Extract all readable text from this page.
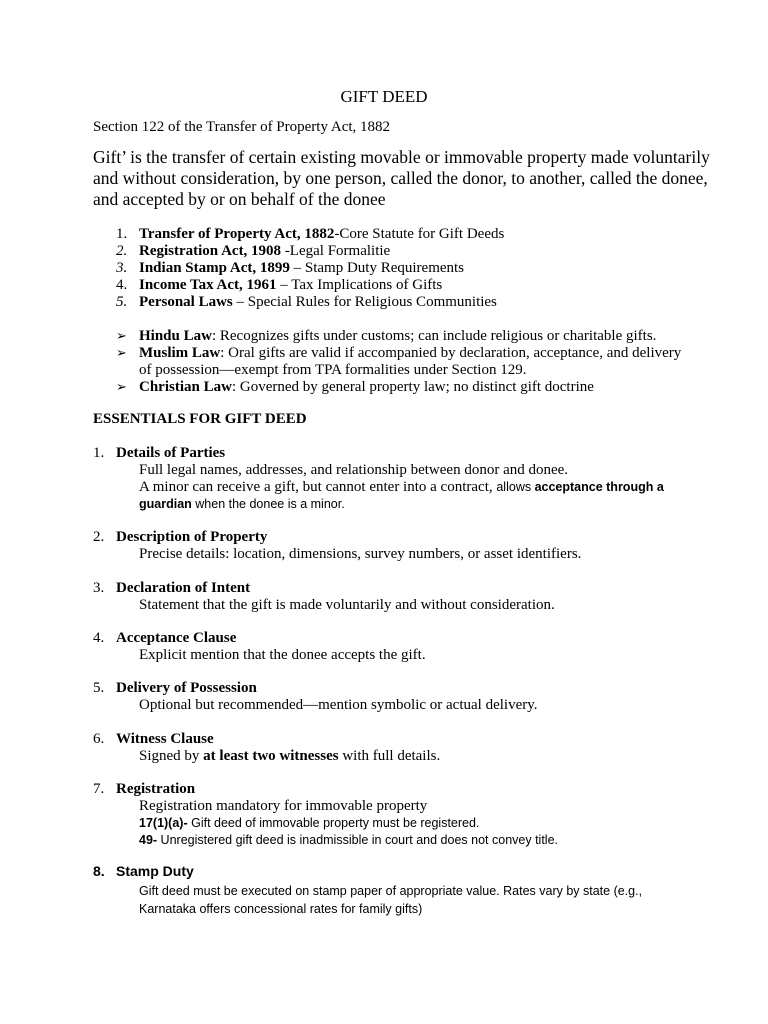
GIFT DEED
Section 122 of the Transfer of Property Act, 1882
Gift’ is the transfer of certain existing movable or immovable property made voluntarily and without consideration, by one person, called the donor, to another, called the donee, and accepted by or on behalf of the donee
1. Transfer of Property Act, 1882-Core Statute for Gift Deeds
2. Registration Act, 1908 -Legal Formalitie
3. Indian Stamp Act, 1899 – Stamp Duty Requirements
4. Income Tax Act, 1961 – Tax Implications of Gifts
5. Personal Laws – Special Rules for Religious Communities
➢ Hindu Law: Recognizes gifts under customs; can include religious or charitable gifts.
➢ Muslim Law: Oral gifts are valid if accompanied by declaration, acceptance, and delivery of possession—exempt from TPA formalities under Section 129.
➢ Christian Law: Governed by general property law; no distinct gift doctrine
ESSENTIALS FOR GIFT DEED
1. Details of Parties
Full legal names, addresses, and relationship between donor and donee.
A minor can receive a gift, but cannot enter into a contract, allows acceptance through a guardian when the donee is a minor.
2. Description of Property
Precise details: location, dimensions, survey numbers, or asset identifiers.
3. Declaration of Intent
Statement that the gift is made voluntarily and without consideration.
4. Acceptance Clause
Explicit mention that the donee accepts the gift.
5. Delivery of Possession
Optional but recommended—mention symbolic or actual delivery.
6. Witness Clause
Signed by at least two witnesses with full details.
7. Registration
Registration mandatory for immovable property
17(1)(a)- Gift deed of immovable property must be registered.
49- Unregistered gift deed is inadmissible in court and does not convey title.
8. Stamp Duty
Gift deed must be executed on stamp paper of appropriate value. Rates vary by state (e.g., Karnataka offers concessional rates for family gifts)
